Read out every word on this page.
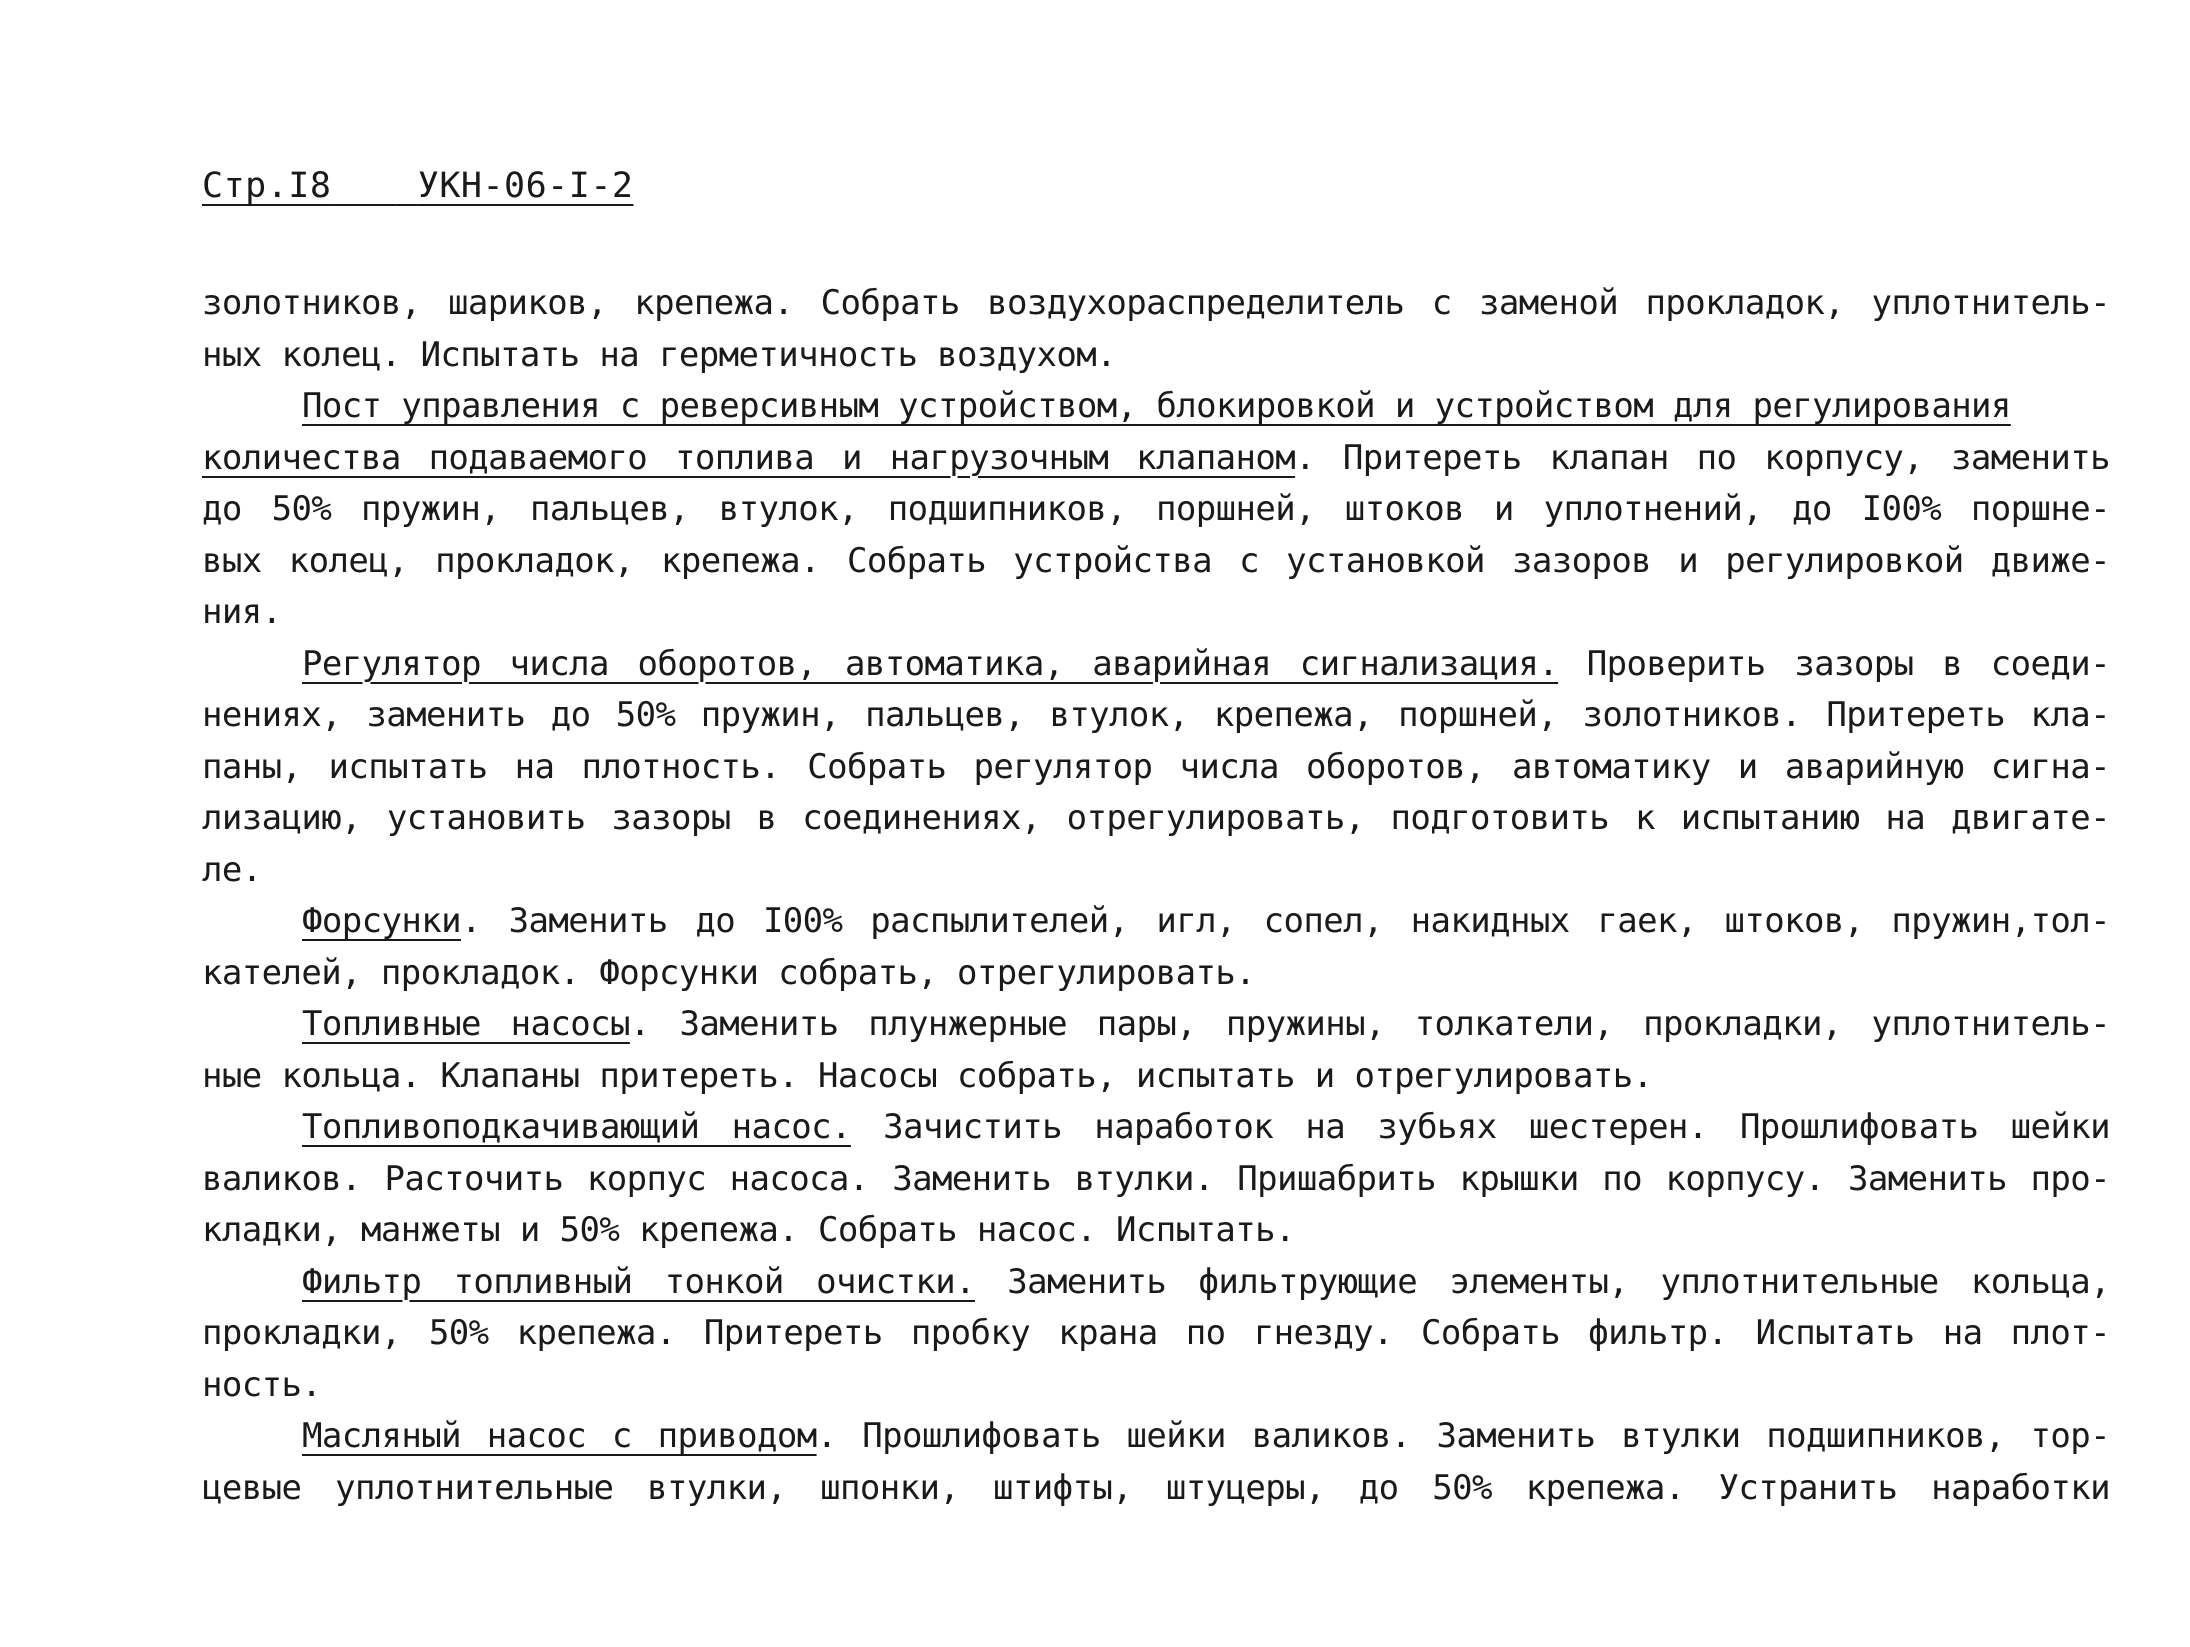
Стр.I8 УКН-06-I-2
золотников, шариков, крепежа. Собрать воздухораспределитель с заменой прокладок, уплотнитель-
ных колец. Испытать на герметичность воздухом.
Пост управления с реверсивным устройством, блокировкой и устройством для регулирования
количества подаваемого топлива и нагрузочным клапаном. Притереть клапан по корпусу, заменить
до 50% пружин, пальцев, втулок, подшипников, поршней, штоков и уплотнений, до I00% поршне-
вых колец, прокладок, крепежа. Собрать устройства с установкой зазоров и регулировкой движе-
ния.
Регулятор числа оборотов, автоматика, аварийная сигнализация. Проверить зазоры в соеди-
нениях, заменить до 50% пружин, пальцев, втулок, крепежа, поршней, золотников. Притереть кла-
паны, испытать на плотность. Собрать регулятор числа оборотов, автоматику и аварийную сигна-
лизацию, установить зазоры в соединениях, отрегулировать, подготовить к испытанию на двигате-
ле.
Форсунки. Заменить до I00% распылителей, игл, сопел, накидных гаек, штоков, пружин,тол-
кателей, прокладок. Форсунки собрать, отрегулировать.
Топливные насосы. Заменить плунжерные пары, пружины, толкатели, прокладки, уплотнитель-
ные кольца. Клапаны притереть. Насосы собрать, испытать и отрегулировать.
Топливоподкачивающий насос. Зачистить наработок на зубьях шестерен. Прошлифовать шейки
валиков. Расточить корпус насоса. Заменить втулки. Пришабрить крышки по корпусу. Заменить про-
кладки, манжеты и 50% крепежа. Собрать насос. Испытать.
Фильтр топливный тонкой очистки. Заменить фильтрующие элементы, уплотнительные кольца,
прокладки, 50% крепежа. Притереть пробку крана по гнезду. Собрать фильтр. Испытать на плот-
ность.
Масляный насос с приводом. Прошлифовать шейки валиков. Заменить втулки подшипников, тор-
цевые уплотнительные втулки, шпонки, штифты, штуцеры, до 50% крепежа. Устранить наработки
